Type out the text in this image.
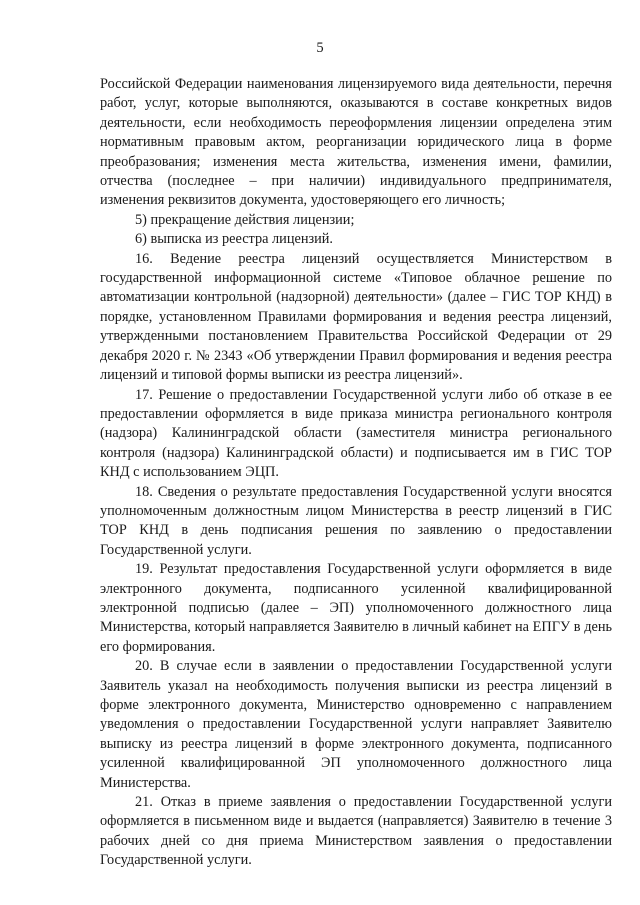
5

Российской Федерации наименования лицензируемого вида деятельности, перечня работ, услуг, которые выполняются, оказываются в составе конкретных видов деятельности, если необходимость переоформления лицензии определена этим нормативным правовым актом, реорганизации юридического лица в форме преобразования; изменения места жительства, изменения имени, фамилии, отчества (последнее – при наличии) индивидуального предпринимателя, изменения реквизитов документа, удостоверяющего его личность;

5) прекращение действия лицензии;

6) выписка из реестра лицензий.

16. Ведение реестра лицензий осуществляется Министерством в государственной информационной системе «Типовое облачное решение по автоматизации контрольной (надзорной) деятельности» (далее – ГИС ТОР КНД) в порядке, установленном Правилами формирования и ведения реестра лицензий, утвержденными постановлением Правительства Российской Федерации от 29 декабря 2020 г. № 2343 «Об утверждении Правил формирования и ведения реестра лицензий и типовой формы выписки из реестра лицензий».

17. Решение о предоставлении Государственной услуги либо об отказе в ее предоставлении оформляется в виде приказа министра регионального контроля (надзора) Калининградской области (заместителя министра регионального контроля (надзора) Калининградской области) и подписывается им в ГИС ТОР КНД с использованием ЭЦП.

18. Сведения о результате предоставления Государственной услуги вносятся уполномоченным должностным лицом Министерства в реестр лицензий в ГИС ТОР КНД в день подписания решения по заявлению о предоставлении Государственной услуги.

19. Результат предоставления Государственной услуги оформляется в виде электронного документа, подписанного усиленной квалифицированной электронной подписью (далее – ЭП) уполномоченного должностного лица Министерства, который направляется Заявителю в личный кабинет на ЕПГУ в день его формирования.

20. В случае если в заявлении о предоставлении Государственной услуги Заявитель указал на необходимость получения выписки из реестра лицензий в форме электронного документа, Министерство одновременно с направлением уведомления о предоставлении Государственной услуги направляет Заявителю выписку из реестра лицензий в форме электронного документа, подписанного усиленной квалифицированной ЭП уполномоченного должностного лица Министерства.

21. Отказ в приеме заявления о предоставлении Государственной услуги оформляется в письменном виде и выдается (направляется) Заявителю в течение 3 рабочих дней со дня приема Министерством заявления о предоставлении Государственной услуги.
